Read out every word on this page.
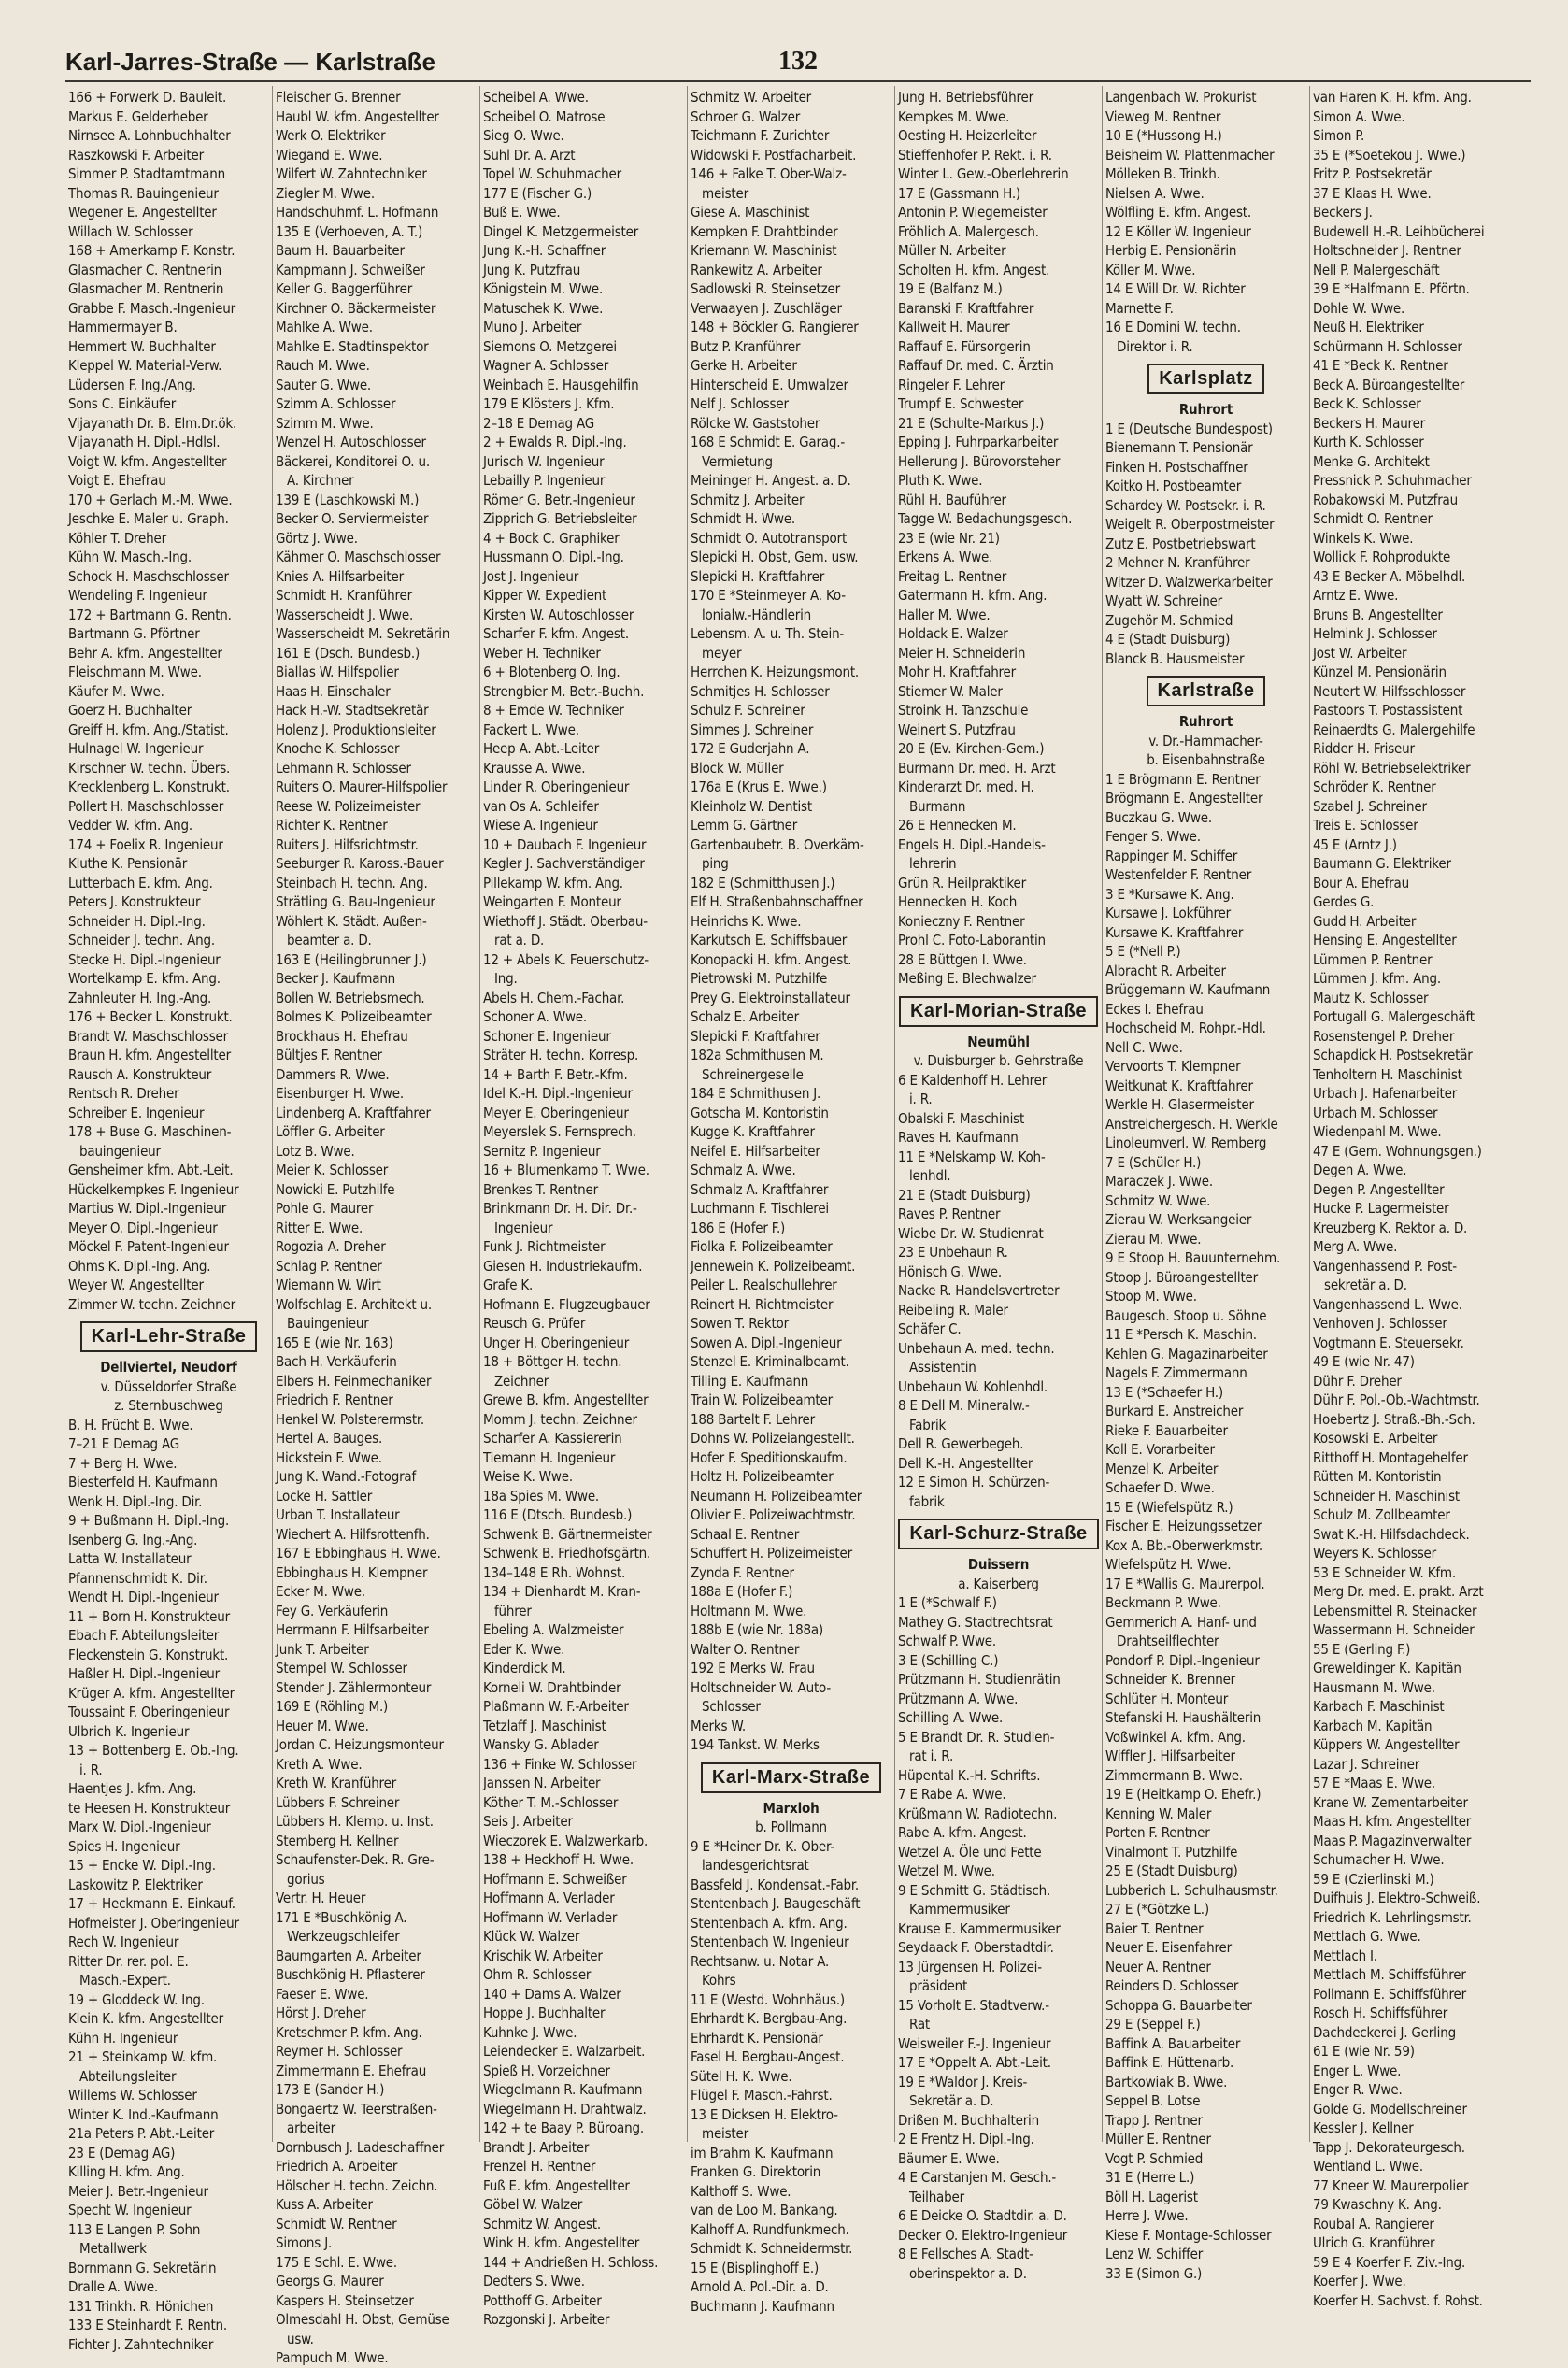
Karl-Jarres-Straße — Karlstraße	132
166 + Forwerk D. Bauleit.
Markus E. Gelderheber
Nirnsee A. Lohnbuchhalter
Raszkowski F. Arbeiter
Simmer P. Stadtamtmann
Thomas R. Bauingenieur
Wegener E. Angestellter
Willach W. Schlosser
168 + Amerkamp F. Konstr.
Glasmacher C. Rentnerin
Glasmacher M. Rentnerin
Grabbe F. Masch.-Ingenieur
Hammermayer B.
Hemmert W. Buchhalter
Kleppel W. Material-Verw.
Lüdersen F. Ing./Ang.
Sons C. Einkäufer
Vijayanath Dr. B. Elm.Dr.ök.
Vijayanath H. Dipl.-Hdlsl.
Voigt W. kfm. Angestellter
Voigt E. Ehefrau
170 + Gerlach M.-M. Wwe.
Jeschke E. Maler u. Graph.
Köhler T. Dreher
Kühn W. Masch.-Ing.
Schock H. Maschschlosser
Wendeling F. Ingenieur
172 + Bartmann G. Rentn.
Bartmann G. Pförtner
Behr A. kfm. Angestellter
Fleischmann M. Wwe.
Käufer M. Wwe.
Goerz H. Buchhalter
Greiff H. kfm. Ang./Statist.
Hulnagel W. Ingenieur
Kirschner W. techn. Übers.
Krecklenberg L. Konstrukt.
Pollert H. Maschschlosser
Vedder W. kfm. Ang.
174 + Foelix R. Ingenieur
Kluthe K. Pensionär
Lutterbach E. kfm. Ang.
Peters J. Konstrukteur
Schneider H. Dipl.-Ing.
Schneider J. techn. Ang.
Stecke H. Dipl.-Ingenieur
Wortelkamp E. kfm. Ang.
Zahnleuter H. Ing.-Ang.
176 + Becker L. Konstrukt.
Brandt W. Maschschlosser
Braun H. kfm. Angestellter
Rausch A. Konstrukteur
Rentsch R. Dreher
Schreiber E. Ingenieur
178 + Buse G. Maschinen-
bauingenieur
Gensheimer kfm. Abt.-Leit.
Hückelkempkes F. Ingenieur
Martius W. Dipl.-Ingenieur
Meyer O. Dipl.-Ingenieur
Möckel F. Patent-Ingenieur
Ohms K. Dipl.-Ing. Ang.
Weyer W. Angestellter
Zimmer W. techn. Zeichner
Karl-Lehr-Straße
Dellviertel, Neudorf
v. Düsseldorfer Straße
z. Sternbuschweg
B. H. Frücht B. Wwe.
7–21 E Demag AG
7 + Berg H. Wwe.
Biesterfeld H. Kaufmann
Wenk H. Dipl.-Ing. Dir.
9 + Bußmann H. Dipl.-Ing.
Isenberg G. Ing.-Ang.
Latta W. Installateur
Pfannenschmidt K. Dir.
Wendt H. Dipl.-Ingenieur
11 + Born H. Konstrukteur
Ebach F. Abteilungsleiter
Fleckenstein G. Konstrukt.
Haßler H. Dipl.-Ingenieur
Krüger A. kfm. Angestellter
Toussaint F. Oberingenieur
Ulbrich K. Ingenieur
13 + Bottenberg E. Ob.-Ing.
i. R.
Haentjes J. kfm. Ang.
te Heesen H. Konstrukteur
Marx W. Dipl.-Ingenieur
Spies H. Ingenieur
15 + Encke W. Dipl.-Ing.
Laskowitz P. Elektriker
17 + Heckmann E. Einkauf.
Hofmeister J. Oberingenieur
Rech W. Ingenieur
Ritter Dr. rer. pol. E.
Masch.-Expert.
19 + Gloddeck W. Ing.
Klein K. kfm. Angestellter
Kühn H. Ingenieur
21 + Steinkamp W. kfm.
Abteilungsleiter
Willems W. Schlosser
Winter K. Ind.-Kaufmann
21a Peters P. Abt.-Leiter
23 E (Demag AG)
Killing H. kfm. Ang.
Meier J. Betr.-Ingenieur
Specht W. Ingenieur
113 E Langen P. Sohn
Metallwerk
Bornmann G. Sekretärin
Dralle A. Wwe.
131 Trinkh. R. Hönichen
133 E Steinhardt F. Rentn.
Fichter J. Zahntechniker
Fleischer G. Brenner
Haubl W. kfm. Angestellter
Werk O. Elektriker
Wiegand E. Wwe.
Wilfert W. Zahntechniker
Ziegler M. Wwe.
Handschuhmf. L. Hofmann
135 E (Verhoeven, A. T.)
Baum H. Bauarbeiter
Kampmann J. Schweißer
Keller G. Baggerführer
Kirchner O. Bäckermeister
Mahlke A. Wwe.
Mahlke E. Stadtinspektor
Rauch M. Wwe.
Sauter G. Wwe.
Szimm A. Schlosser
Szimm M. Wwe.
Wenzel H. Autoschlosser
Bäckerei, Konditorei O. u.
A. Kirchner
139 E (Laschkowski M.)
Becker O. Serviermeister
Görtz J. Wwe.
Kähmer O. Maschschlosser
Knies A. Hilfsarbeiter
Schmidt H. Kranführer
Wasserscheidt J. Wwe.
Wasserscheidt M. Sekretärin
161 E (Dsch. Bundesb.)
Biallas W. Hilfspolier
Haas H. Einschaler
Hack H.-W. Stadtsekretär
Holenz J. Produktionsleiter
Knoche K. Schlosser
Lehmann R. Schlosser
Ruiters O. Maurer-Hilfspolier
Reese W. Polizeimeister
Richter K. Rentner
Ruiters J. Hilfsrichtmstr.
Seeburger R. Kaross.-Bauer
Steinbach H. techn. Ang.
Strätling G. Bau-Ingenieur
Wöhlert K. Städt. Außen-
beamter a. D.
163 E (Heilingbrunner J.)
Becker J. Kaufmann
Bollen W. Betriebsmech.
Bolmes K. Polizeibeamter
Brockhaus H. Ehefrau
Bültjes F. Rentner
Dammers R. Wwe.
Eisenburger H. Wwe.
Lindenberg A. Kraftfahrer
Löffler G. Arbeiter
Lotz B. Wwe.
Meier K. Schlosser
Nowicki E. Putzhilfe
Pohle G. Maurer
Ritter E. Wwe.
Rogozia A. Dreher
Schlag P. Rentner
Wiemann W. Wirt
Wolfschlag E. Architekt u.
Bauingenieur
165 E (wie Nr. 163)
Bach H. Verkäuferin
Elbers H. Feinmechaniker
Friedrich F. Rentner
Henkel W. Polsterermstr.
Hertel A. Bauges.
Hickstein F. Wwe.
Jung K. Wand.-Fotograf
Locke H. Sattler
Urban T. Installateur
Wiechert A. Hilfsrottenfh.
167 E Ebbinghaus H. Wwe.
Ebbinghaus H. Klempner
Ecker M. Wwe.
Fey G. Verkäuferin
Herrmann F. Hilfsarbeiter
Junk T. Arbeiter
Stempel W. Schlosser
Stender J. Zählermonteur
169 E (Röhling M.)
Heuer M. Wwe.
Jordan C. Heizungsmonteur
Kreth A. Wwe.
Kreth W. Kranführer
Lübbers F. Schreiner
Lübbers H. Klemp. u. Inst.
Stemberg H. Kellner
Schaufenster-Dek. R. Gre-
gorius
Vertr. H. Heuer
171 E *Buschkönig A.
Werkzeugschleifer
Baumgarten A. Arbeiter
Buschkönig H. Pflasterer
Faeser E. Wwe.
Hörst J. Dreher
Kretschmer P. kfm. Ang.
Reymer H. Schlosser
Zimmermann E. Ehefrau
173 E (Sander H.)
Bongaertz W. Teerstraßen-
arbeiter
Dornbusch J. Ladeschaffner
Friedrich A. Arbeiter
Hölscher H. techn. Zeichn.
Kuss A. Arbeiter
Schmidt W. Rentner
Simons J.
175 E Schl. E. Wwe.
Georgs G. Maurer
Kaspers H. Steinsetzer
Olmesdahl H. Obst, Gemüse
usw.
Pampuch M. Wwe.
Scheibel A. Wwe.
Scheibel O. Matrose
Sieg O. Wwe.
Suhl Dr. A. Arzt
Topel W. Schuhmacher
177 E (Fischer G.)
Buß E. Wwe.
Dingel K. Metzgermeister
Jung K.-H. Schaffner
Jung K. Putzfrau
Königstein M. Wwe.
Matuschek K. Wwe.
Muno J. Arbeiter
Siemons O. Metzgerei
Wagner A. Schlosser
Weinbach E. Hausgehilfin
179 E Klösters J. Kfm.
2–18 E Demag AG
2 + Ewalds R. Dipl.-Ing.
Jurisch W. Ingenieur
Lebailly P. Ingenieur
Römer G. Betr.-Ingenieur
Zipprich G. Betriebsleiter
4 + Bock C. Graphiker
Hussmann O. Dipl.-Ing.
Jost J. Ingenieur
Kipper W. Expedient
Kirsten W. Autoschlosser
Scharfer F. kfm. Angest.
Weber H. Techniker
6 + Blotenberg O. Ing.
Strengbier M. Betr.-Buchh.
8 + Emde W. Techniker
Fackert L. Wwe.
Heep A. Abt.-Leiter
Krausse A. Wwe.
Linder R. Oberingenieur
van Os A. Schleifer
Wiese A. Ingenieur
10 + Daubach F. Ingenieur
Kegler J. Sachverständiger
Pillekamp W. kfm. Ang.
Weingarten F. Monteur
Wiethoff J. Städt. Oberbau-
rat a. D.
12 + Abels K. Feuerschutz-
Ing.
Abels H. Chem.-Fachar.
Schoner A. Wwe.
Schoner E. Ingenieur
Sträter H. techn. Korresp.
14 + Barth F. Betr.-Kfm.
Idel K.-H. Dipl.-Ingenieur
Meyer E. Oberingenieur
Meyerslek S. Fernsprech.
Sernitz P. Ingenieur
16 + Blumenkamp T. Wwe.
Brenkes T. Rentner
Brinkmann Dr. H. Dir. Dr.-
Ingenieur
Funk J. Richtmeister
Giesen H. Industriekaufm.
Grafe K.
Hofmann E. Flugzeugbauer
Reusch G. Prüfer
Unger H. Oberingenieur
18 + Böttger H. techn.
Zeichner
Grewe B. kfm. Angestellter
Momm J. techn. Zeichner
Scharfer A. Kassiererin
Tiemann H. Ingenieur
Weise K. Wwe.
18a Spies M. Wwe.
116 E (Dtsch. Bundesb.)
Schwenk B. Gärtnermeister
Schwenk B. Friedhofsgärtn.
134–148 E Rh. Wohnst.
134 + Dienhardt M. Kran-
führer
Ebeling A. Walzmeister
Eder K. Wwe.
Kinderdick M.
Korneli W. Drahtbinder
Plaßmann W. F.-Arbeiter
Tetzlaff J. Maschinist
Wansky G. Ablader
136 + Finke W. Schlosser
Janssen N. Arbeiter
Köther T. M.-Schlosser
Seis J. Arbeiter
Wieczorek E. Walzwerkarb.
138 + Heckhoff H. Wwe.
Hoffmann E. Schweißer
Hoffmann A. Verlader
Hoffmann W. Verlader
Klück W. Walzer
Krischik W. Arbeiter
Ohm R. Schlosser
140 + Dams A. Walzer
Hoppe J. Buchhalter
Kuhnke J. Wwe.
Leiendecker E. Walzarbeit.
Spieß H. Vorzeichner
Wiegelmann R. Kaufmann
Wiegelmann H. Drahtwalz.
142 + te Baay P. Büroang.
Brandt J. Arbeiter
Frenzel H. Rentner
Fuß E. kfm. Angestellter
Göbel W. Walzer
Schmitz W. Angest.
Wink H. kfm. Angestellter
144 + Andrießen H. Schloss.
Dedters S. Wwe.
Potthoff G. Arbeiter
Rozgonski J. Arbeiter
Schmitz W. Arbeiter
Schroer G. Walzer
Teichmann F. Zurichter
Widowski F. Postfacharbeit.
146 + Falke T. Ober-Walz-
meister
Giese A. Maschinist
Kempken F. Drahtbinder
Kriemann W. Maschinist
Rankewitz A. Arbeiter
Sadlowski R. Steinsetzer
Verwaayen J. Zuschläger
148 + Böckler G. Rangierer
Butz P. Kranführer
Gerke H. Arbeiter
Hinterscheid E. Umwalzer
Nelf J. Schlosser
Rölcke W. Gaststoher
168 E Schmidt E. Garag.-
Vermietung
Meininger H. Angest. a. D.
Schmitz J. Arbeiter
Schmidt H. Wwe.
Schmidt O. Autotransport
Slepicki H. Obst, Gem. usw.
Slepicki H. Kraftfahrer
170 E *Steinmeyer A. Ko-
lonialw.-Händlerin
Lebensm. A. u. Th. Stein-
meyer
Herrchen K. Heizungsmont.
Schmitjes H. Schlosser
Schulz F. Schreiner
Simmes J. Schreiner
172 E Guderjahn A.
Block W. Müller
176a E (Krus E. Wwe.)
Kleinholz W. Dentist
Lemm G. Gärtner
Gartenbaubetr. B. Overkäm-
ping
182 E (Schmitthusen J.)
Elf H. Straßenbahnschaffner
Heinrichs K. Wwe.
Karkutsch E. Schiffsbauer
Konopacki H. kfm. Angest.
Pietrowski M. Putzhilfe
Prey G. Elektroinstallateur
Schalz E. Arbeiter
Slepicki F. Kraftfahrer
182a Schmithusen M.
Schreinergeselle
184 E Schmithusen J.
Gotscha M. Kontoristin
Kugge K. Kraftfahrer
Neifel E. Hilfsarbeiter
Schmalz A. Wwe.
Schmalz A. Kraftfahrer
Luchmann F. Tischlerei
186 E (Hofer F.)
Fiolka F. Polizeibeamter
Jennewein K. Polizeibeamt.
Peiler L. Realschullehrer
Reinert H. Richtmeister
Sowen T. Rektor
Sowen A. Dipl.-Ingenieur
Stenzel E. Kriminalbeamt.
Tilling E. Kaufmann
Train W. Polizeibeamter
188 Bartelt F. Lehrer
Dohns W. Polizeiangestellt.
Hofer F. Speditionskaufm.
Holtz H. Polizeibeamter
Neumann H. Polizeibeamter
Olivier E. Polizeiwachtmstr.
Schaal E. Rentner
Schuffert H. Polizeimeister
Zynda F. Rentner
188a E (Hofer F.)
Holtmann M. Wwe.
188b E (wie Nr. 188a)
Walter O. Rentner
192 E Merks W. Frau
Holtschneider W. Auto-
Schlosser
Merks W.
194 Tankst. W. Merks
Karl-Marx-Straße
Marxloh
b. Pollmann
9 E *Heiner Dr. K. Ober-
landesgerichtsrat
Bassfeld J. Kondensat.-Fabr.
Stentenbach J. Baugeschäft
Stentenbach A. kfm. Ang.
Stentenbach W. Ingenieur
Rechtsanw. u. Notar A.
Kohrs
11 E (Westd. Wohnhäus.)
Ehrhardt K. Bergbau-Ang.
Ehrhardt K. Pensionär
Fasel H. Bergbau-Angest.
Sütel H. K. Wwe.
Flügel F. Masch.-Fahrst.
13 E Dicksen H. Elektro-
meister
im Brahm K. Kaufmann
Franken G. Direktorin
Kalthoff S. Wwe.
van de Loo M. Bankang.
Kalhoff A. Rundfunkmech.
Schmidt K. Schneidermstr.
15 E (Bisplinghoff E.)
Arnold A. Pol.-Dir. a. D.
Buchmann J. Kaufmann
Jung H. Betriebsführer
Kempkes M. Wwe.
Oesting H. Heizerleiter
Stieffenhofer P. Rekt. i. R.
Winter L. Gew.-Oberlehrerin
17 E (Gassmann H.)
Antonin P. Wiegemeister
Fröhlich A. Malergesch.
Müller N. Arbeiter
Scholten H. kfm. Angest.
19 E (Balfanz M.)
Baranski F. Kraftfahrer
Kallweit H. Maurer
Raffauf E. Fürsorgerin
Raffauf Dr. med. C. Ärztin
Ringeler F. Lehrer
Trumpf E. Schwester
21 E (Schulte-Markus J.)
Epping J. Fuhrparkarbeiter
Hellerung J. Bürovorsteher
Pluth K. Wwe.
Rühl H. Bauführer
Tagge W. Bedachungsgesch.
23 E (wie Nr. 21)
Erkens A. Wwe.
Freitag L. Rentner
Gatermann H. kfm. Ang.
Haller M. Wwe.
Holdack E. Walzer
Meier H. Schneiderin
Mohr H. Kraftfahrer
Stiemer W. Maler
Stroink H. Tanzschule
Weinert S. Putzfrau
20 E (Ev. Kirchen-Gem.)
Burmann Dr. med. H. Arzt
Kinderarzt Dr. med. H.
Burmann
26 E Hennecken M.
Engels H. Dipl.-Handels-
lehrerin
Grün R. Heilpraktiker
Hennecken H. Koch
Konieczny F. Rentner
Prohl C. Foto-Laborantin
28 E Büttgen I. Wwe.
Meßing E. Blechwalzer
Karl-Morian-Straße
Neumühl
v. Duisburger b. Gehrstraße
6 E Kaldenhoff H. Lehrer
i. R.
Obalski F. Maschinist
Raves H. Kaufmann
11 E *Nelskamp W. Koh-
lenhdl.
21 E (Stadt Duisburg)
Raves P. Rentner
Wiebe Dr. W. Studienrat
23 E Unbehaun R.
Hönisch G. Wwe.
Nacke R. Handelsvertreter
Reibeling R. Maler
Schäfer C.
Unbehaun A. med. techn.
Assistentin
Unbehaun W. Kohlenhdl.
8 E Dell M. Mineralw.-
Fabrik
Dell R. Gewerbegeh.
Dell K.-H. Angestellter
12 E Simon H. Schürzen-
fabrik
Karl-Schurz-Straße
Duissern
a. Kaiserberg
1 E (*Schwalf F.)
Mathey G. Stadtrechtsrat
Schwalf P. Wwe.
3 E (Schilling C.)
Prützmann H. Studienrätin
Prützmann A. Wwe.
Schilling A. Wwe.
5 E Brandt Dr. R. Studien-
rat i. R.
Hüpental K.-H. Schrifts.
7 E Rabe A. Wwe.
Krüßmann W. Radiotechn.
Rabe A. kfm. Angest.
Wetzel A. Öle und Fette
Wetzel M. Wwe.
9 E Schmitt G. Städtisch.
Kammermusiker
Krause E. Kammermusiker
Seydaack F. Oberstadtdir.
13 Jürgensen H. Polizei-
präsident
15 Vorholt E. Stadtverw.-
Rat
Weisweiler F.-J. Ingenieur
17 E *Oppelt A. Abt.-Leit.
19 E *Waldor J. Kreis-
Sekretär a. D.
Drißen M. Buchhalterin
2 E Frentz H. Dipl.-Ing.
Bäumer E. Wwe.
4 E Carstanjen M. Gesch.-
Teilhaber
6 E Deicke O. Stadtdir. a. D.
Decker O. Elektro-Ingenieur
8 E Fellsches A. Stadt-
oberinspektor a. D.
Langenbach W. Prokurist
Vieweg M. Rentner
10 E (*Hussong H.)
Beisheim W. Plattenmacher
Mölleken B. Trinkh.
Nielsen A. Wwe.
Wölfling E. kfm. Angest.
12 E Köller W. Ingenieur
Herbig E. Pensionärin
Köller M. Wwe.
14 E Will Dr. W. Richter
Marnette F.
16 E Domini W. techn.
Direktor i. R.
Karlsplatz
Ruhrort
1 E (Deutsche Bundespost)
Bienemann T. Pensionär
Finken H. Postschaffner
Koitko H. Postbeamter
Schardey W. Postsekr. i. R.
Weigelt R. Oberpostmeister
Zutz E. Postbetriebswart
2 Mehner N. Kranführer
Witzer D. Walzwerkarbeiter
Wyatt W. Schreiner
Zugehör M. Schmied
4 E (Stadt Duisburg)
Blanck B. Hausmeister
Karlstraße
Ruhrort
v. Dr.-Hammacher-
b. Eisenbahnstraße
1 E Brögmann E. Rentner
Brögmann E. Angestellter
Buczkau G. Wwe.
Fenger S. Wwe.
Rappinger M. Schiffer
Westenfelder F. Rentner
3 E *Kursawe K. Ang.
Kursawe J. Lokführer
Kursawe K. Kraftfahrer
5 E (*Nell P.)
Albracht R. Arbeiter
Brüggemann W. Kaufmann
Eckes I. Ehefrau
Hochscheid M. Rohpr.-Hdl.
Nell C. Wwe.
Vervoorts T. Klempner
Weitkunat K. Kraftfahrer
Werkle H. Glasermeister
Anstreichergesch. H. Werkle
Linoleumverl. W. Remberg
7 E (Schüler H.)
Maraczek J. Wwe.
Schmitz W. Wwe.
Zierau W. Werksangeier
Zierau M. Wwe.
9 E Stoop H. Bauunternehm.
Stoop J. Büroangestellter
Stoop M. Wwe.
Baugesch. Stoop u. Söhne
11 E *Persch K. Maschin.
Kehlen G. Magazinarbeiter
Nagels F. Zimmermann
13 E (*Schaefer H.)
Burkard E. Anstreicher
Rieke F. Bauarbeiter
Koll E. Vorarbeiter
Menzel K. Arbeiter
Schaefer D. Wwe.
15 E (Wiefelspütz R.)
Fischer E. Heizungssetzer
Kox A. Bb.-Oberwerkmstr.
Wiefelspütz H. Wwe.
17 E *Wallis G. Maurerpol.
Beckmann P. Wwe.
Gemmerich A. Hanf- und
Drahtseilflechter
Pondorf P. Dipl.-Ingenieur
Schneider K. Brenner
Schlüter H. Monteur
Stefanski H. Haushälterin
Voßwinkel A. kfm. Ang.
Wiffler J. Hilfsarbeiter
Zimmermann B. Wwe.
19 E (Heitkamp O. Ehefr.)
Kenning W. Maler
Porten F. Rentner
Vinalmont T. Putzhilfe
25 E (Stadt Duisburg)
Lubberich L. Schulhausmstr.
27 E (*Götzke L.)
Baier T. Rentner
Neuer E. Eisenfahrer
Neuer A. Rentner
Reinders D. Schlosser
Schoppa G. Bauarbeiter
29 E (Seppel F.)
Baffink A. Bauarbeiter
Baffink E. Hüttenarb.
Bartkowiak B. Wwe.
Seppel B. Lotse
Trapp J. Rentner
Müller E. Rentner
Vogt P. Schmied
31 E (Herre L.)
Böll H. Lagerist
Herre J. Wwe.
Kiese F. Montage-Schlosser
Lenz W. Schiffer
33 E (Simon G.)
van Haren K. H. kfm. Ang.
Simon A. Wwe.
Simon P.
35 E (*Soetekou J. Wwe.)
Fritz P. Postsekretär
37 E Klaas H. Wwe.
Beckers J.
Budewell H.-R. Leihbücherei
Holtschneider J. Rentner
Nell P. Malergeschäft
39 E *Halfmann E. Pförtn.
Dohle W. Wwe.
Neuß H. Elektriker
Schürmann H. Schlosser
41 E *Beck K. Rentner
Beck A. Büroangestellter
Beck K. Schlosser
Beckers H. Maurer
Kurth K. Schlosser
Menke G. Architekt
Pressnick P. Schuhmacher
Robakowski M. Putzfrau
Schmidt O. Rentner
Winkels K. Wwe.
Wollick F. Rohprodukte
43 E Becker A. Möbelhdl.
Arntz E. Wwe.
Bruns B. Angestellter
Helmink J. Schlosser
Jost W. Arbeiter
Künzel M. Pensionärin
Neutert W. Hilfsschlosser
Pastoors T. Postassistent
Reinaerdts G. Malergehilfe
Ridder H. Friseur
Röhl W. Betriebselektriker
Schröder K. Rentner
Szabel J. Schreiner
Treis E. Schlosser
45 E (Arntz J.)
Baumann G. Elektriker
Bour A. Ehefrau
Gerdes G.
Gudd H. Arbeiter
Hensing E. Angestellter
Lümmen P. Rentner
Lümmen J. kfm. Ang.
Mautz K. Schlosser
Portugall G. Malergeschäft
Rosenstengel P. Dreher
Schapdick H. Postsekretär
Tenholtern H. Maschinist
Urbach J. Hafenarbeiter
Urbach M. Schlosser
Wiedenpahl M. Wwe.
47 E (Gem. Wohnungsgen.)
Degen A. Wwe.
Degen P. Angestellter
Hucke P. Lagermeister
Kreuzberg K. Rektor a. D.
Merg A. Wwe.
Vangenhassend P. Post-
sekretär a. D.
Vangenhassend L. Wwe.
Venhoven J. Schlosser
Vogtmann E. Steuersekr.
49 E (wie Nr. 47)
Dühr F. Dreher
Dühr F. Pol.-Ob.-Wachtmstr.
Hoebertz J. Straß.-Bh.-Sch.
Kosowski E. Arbeiter
Ritthoff H. Montagehelfer
Rütten M. Kontoristin
Schneider H. Maschinist
Schulz M. Zollbeamter
Swat K.-H. Hilfsdachdeck.
Weyers K. Schlosser
53 E Schneider W. Kfm.
Merg Dr. med. E. prakt. Arzt
Lebensmittel R. Steinacker
Wassermann H. Schneider
55 E (Gerling F.)
Greweldinger K. Kapitän
Hausmann M. Wwe.
Karbach F. Maschinist
Karbach M. Kapitän
Küppers W. Angestellter
Lazar J. Schreiner
57 E *Maas E. Wwe.
Krane W. Zementarbeiter
Maas H. kfm. Angestellter
Maas P. Magazinverwalter
Schumacher H. Wwe.
59 E (Czierlinski M.)
Duifhuis J. Elektro-Schweiß.
Friedrich K. Lehrlingsmstr.
Mettlach G. Wwe.
Mettlach I.
Mettlach M. Schiffsführer
Pollmann E. Schiffsführer
Rosch H. Schiffsführer
Dachdeckerei J. Gerling
61 E (wie Nr. 59)
Enger L. Wwe.
Enger R. Wwe.
Golde G. Modellschreiner
Kessler J. Kellner
Tapp J. Dekorateurgesch.
Wentland L. Wwe.
77 Kneer W. Maurerpolier
79 Kwaschny K. Ang.
Roubal A. Rangierer
Ulrich G. Kranführer
59 E 4 Koerfer F. Ziv.-Ing.
Koerfer J. Wwe.
Koerfer H. Sachvst. f. Rohst.
